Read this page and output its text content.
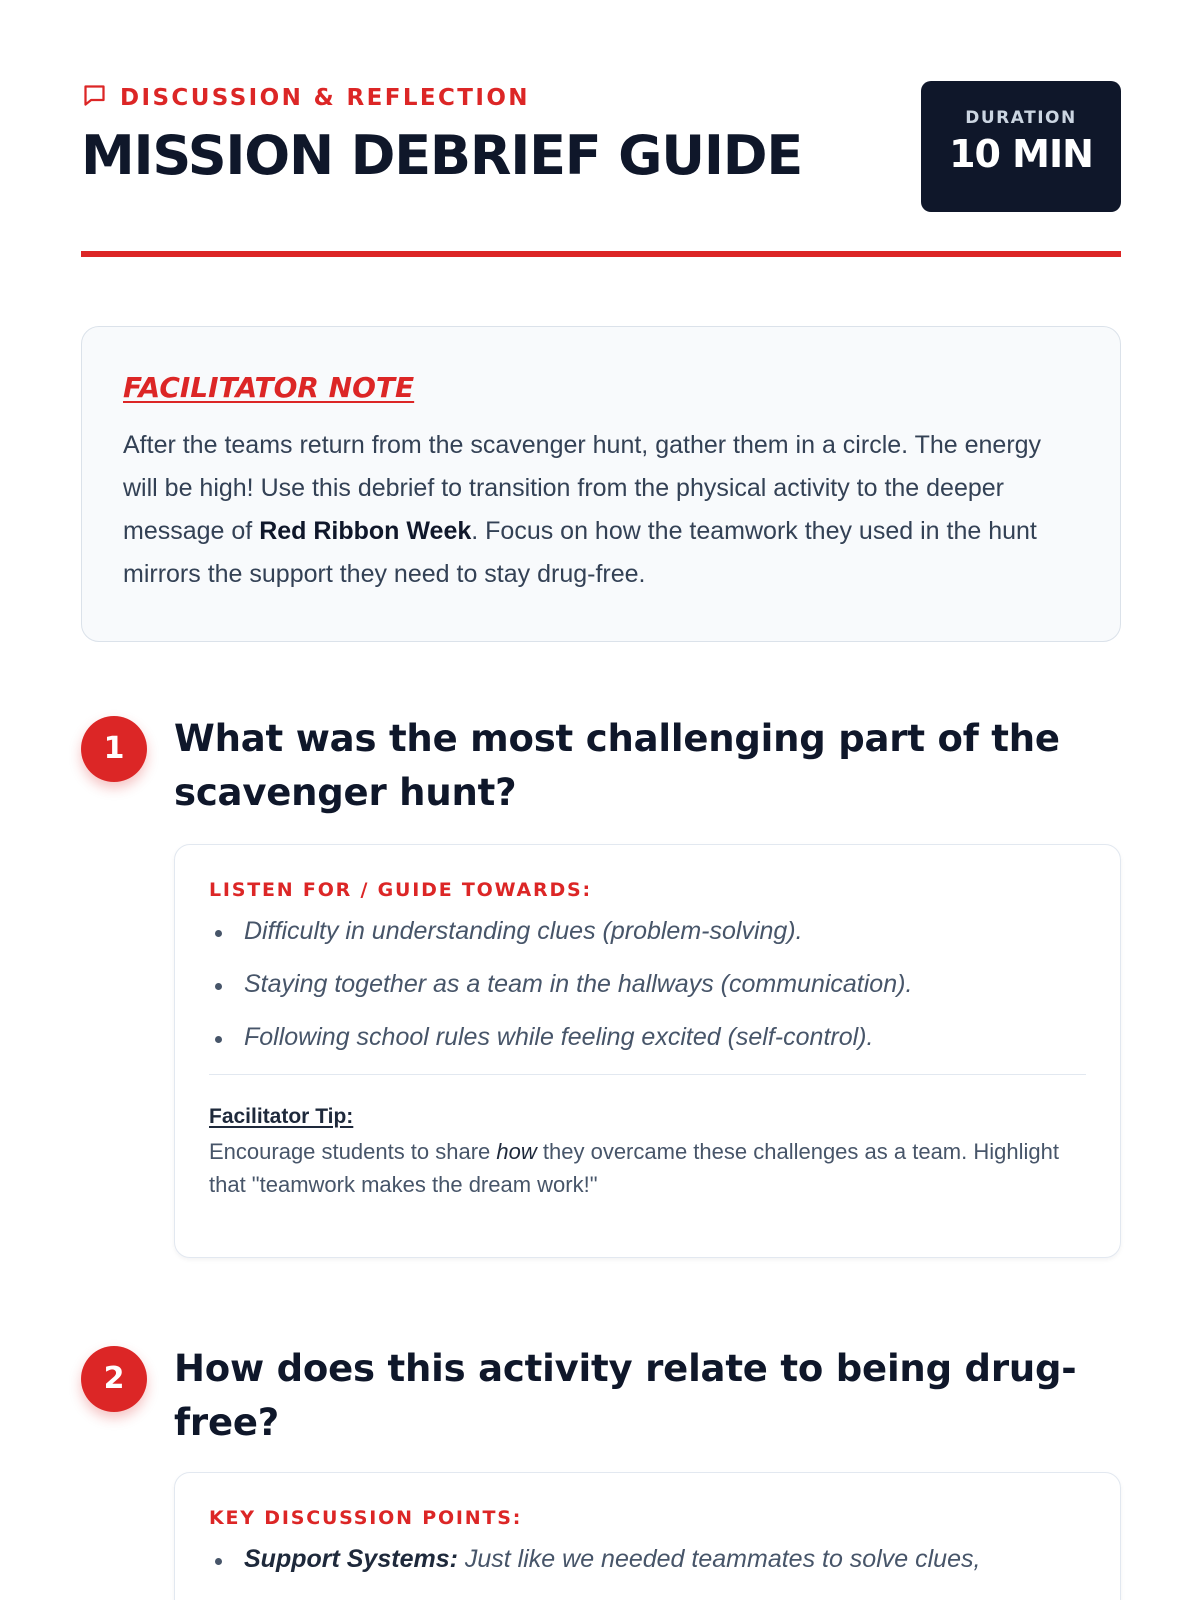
DISCUSSION & REFLECTION
MISSION DEBRIEF GUIDE
DURATION
10 MIN
FACILITATOR NOTE

After the teams return from the scavenger hunt, gather them in a circle. The energy will be high! Use this debrief to transition from the physical activity to the deeper message of Red Ribbon Week. Focus on how the teamwork they used in the hunt mirrors the support they need to stay drug-free.

1	What was the most challenging part of the scavenger hunt?
LISTEN FOR / GUIDE TOWARDS:
Difficulty in understanding clues (problem-solving).
Staying together as a team in the hallways (communication).
Following school rules while feeling excited (self-control).
Facilitator Tip:

Encourage students to share how they overcame these challenges as a team. Highlight that "teamwork makes the dream work!"

2	How does this activity relate to being drug-free?
KEY DISCUSSION POINTS:
Support Systems: Just like we needed teammates to solve clues,
